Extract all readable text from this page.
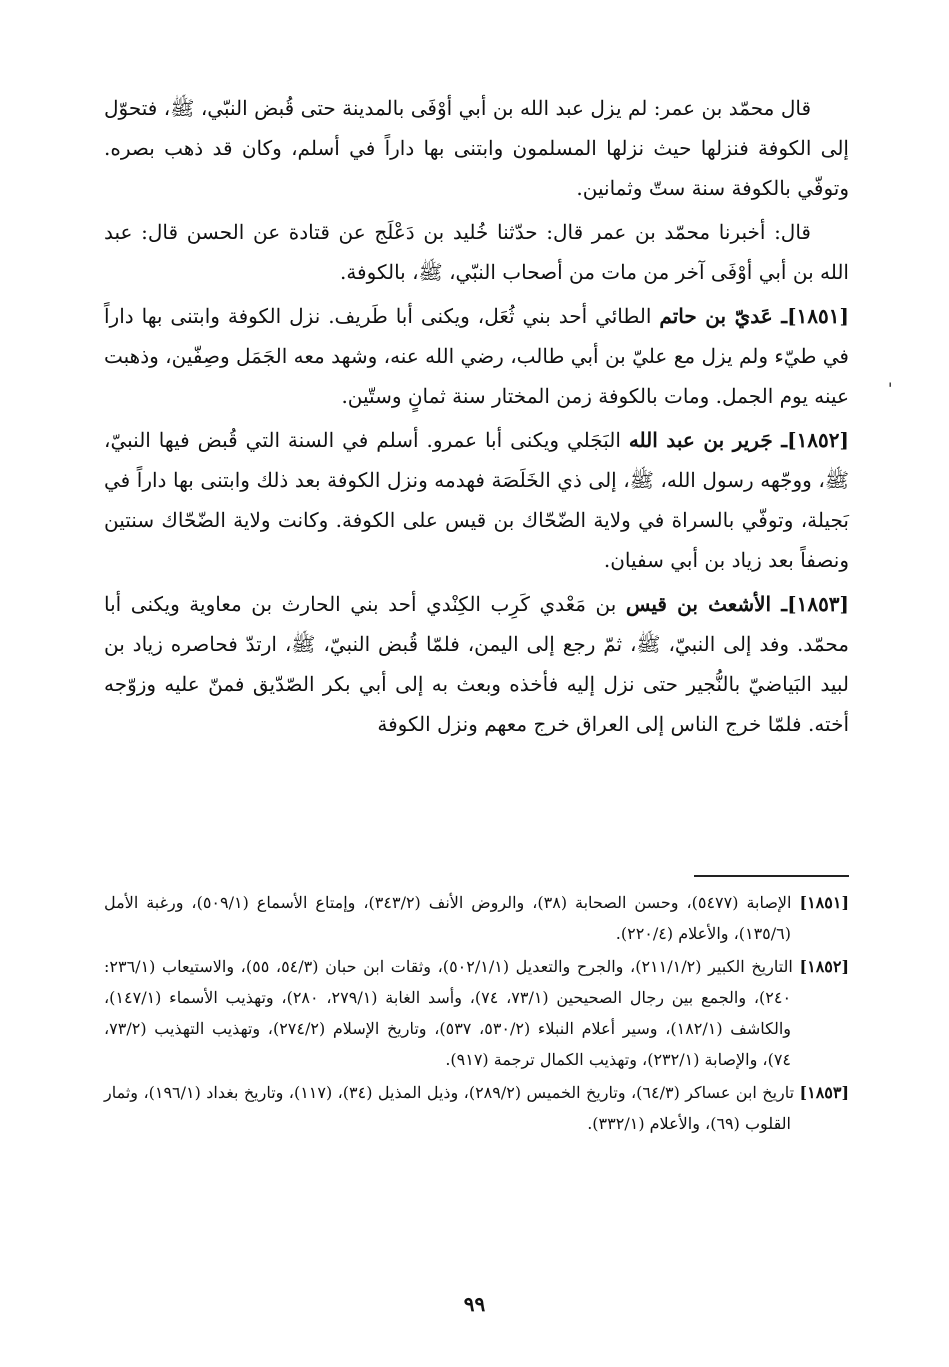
قال محمّد بن عمر: لم يزل عبد الله بن أبي أوْفَى بالمدينة حتى قُبض النبّي، ﷺ، فتحوّل إلى الكوفة فنزلها حيث نزلها المسلمون وابتنى بها داراً في أسلم، وكان قد ذهب بصره. وتوفّي بالكوفة سنة ستّ وثمانين.

قال: أخبرنا محمّد بن عمر قال: حدّثنا خُليد بن دَعْلَج عن قتادة عن الحسن قال: عبد الله بن أبي أوْفَى آخر من مات من أصحاب النبّي، ﷺ، بالكوفة.

[١٨٥١]ـ عَديّ بن حاتم الطائي أحد بني ثُعَل، ويكنى أبا طَريف. نزل الكوفة وابتنى بها داراً في طيّء ولم يزل مع عليّ بن أبي طالب، رضي الله عنه، وشهد معه الجَمَل وصِفّين، وذهبت عينه يوم الجمل. ومات بالكوفة زمن المختار سنة ثمانٍ وستّين.

[١٨٥٢]ـ جَرير بن عبد الله البَجَلي ويكنى أبا عمرو. أسلم في السنة التي قُبض فيها النبيّ، ﷺ، ووجّهه رسول الله، ﷺ، إلى ذي الخَلَصَة فهدمه ونزل الكوفة بعد ذلك وابتنى بها داراً في بَجيلة، وتوفّي بالسراة في ولاية الضّحّاك بن قيس على الكوفة. وكانت ولاية الضّحّاك سنتين ونصفاً بعد زياد بن أبي سفيان.

[١٨٥٣]ـ الأشعث بن قيس بن مَعْدي كَرِب الكِنْدي أحد بني الحارث بن معاوية ويكنى أبا محمّد. وفد إلى النبيّ، ﷺ، ثمّ رجع إلى اليمن، فلمّا قُبض النبيّ، ﷺ، ارتدّ فحاصره زياد بن لبيد البَياضيّ بالنُّجير حتى نزل إليه فأخذه وبعث به إلى أبي بكر الصّدّيق فمنّ عليه وزوّجه أخته. فلمّا خرج الناس إلى العراق خرج معهم ونزل الكوفة

[١٨٥١] الإصابة (٥٤٧٧)، وحسن الصحابة (٣٨)، والروض الأنف (٣٤٣/٢)، وإمتاع الأسماع (٥٠٩/١)، ورغبة الأمل (١٣٥/٦)، والأعلام (٢٢٠/٤).

[١٨٥٢] التاريخ الكبير (٢١١/١/٢)، والجرح والتعديل (٥٠٢/١/١)، وثقات ابن حبان (٥٤/٣، ٥٥)، والاستيعاب (٢٣٦/١: ٢٤٠)، والجمع بين رجال الصحيحين (٧٣/١، ٧٤)، وأسد الغابة (٢٧٩/١، ٢٨٠)، وتهذيب الأسماء (١٤٧/١)، والكاشف (١٨٢/١)، وسير أعلام النبلاء (٥٣٠/٢، ٥٣٧)، وتاريخ الإسلام (٢٧٤/٢)، وتهذيب التهذيب (٧٣/٢، ٧٤)، والإصابة (٢٣٢/١)، وتهذيب الكمال ترجمة (٩١٧).

[١٨٥٣] تاريخ ابن عساكر (٦٤/٣)، وتاريخ الخميس (٢٨٩/٢)، وذيل المذيل (٣٤)، (١١٧)، وتاريخ بغداد (١٩٦/١)، وثمار القلوب (٦٩)، والأعلام (٣٣٢/١).

٩٩
'
